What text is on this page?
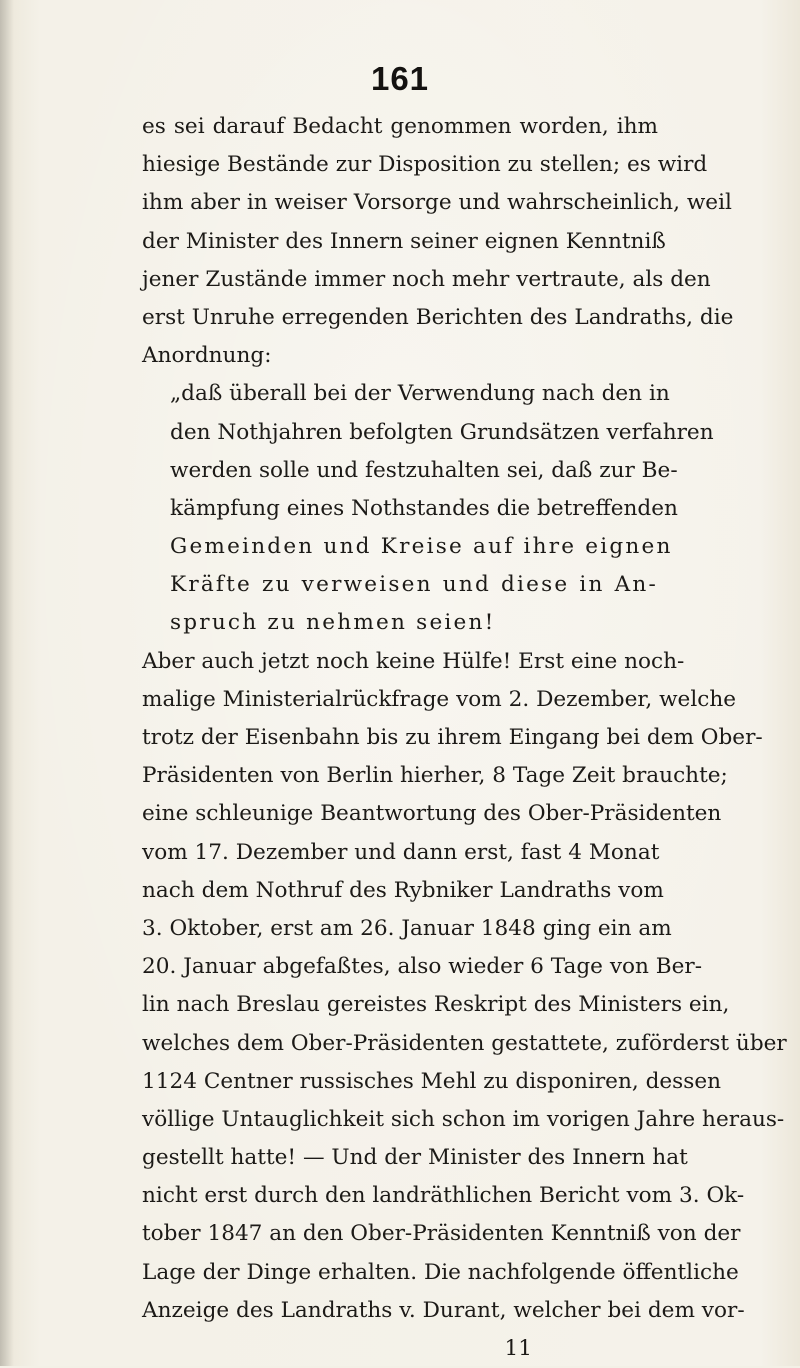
161
es sei darauf Bedacht genommen worden, ihm
hiesige Bestände zur Disposition zu stellen; es wird
ihm aber in weiser Vorsorge und wahrscheinlich, weil
der Minister des Innern seiner eignen Kenntniß
jener Zustände immer noch mehr vertraute, als den
erst Unruhe erregenden Berichten des Landraths, die
Anordnung:
„daß überall bei der Verwendung nach den in
den Nothjahren befolgten Grundsätzen verfahren
werden solle und festzuhalten sei, daß zur Be-
kämpfung eines Nothstandes die betreffenden
Gemeinden und Kreise auf ihre eignen
Kräfte zu verweisen und diese in An-
spruch zu nehmen seien!
Aber auch jetzt noch keine Hülfe! Erst eine noch-
malige Ministerialrückfrage vom 2. Dezember, welche
trotz der Eisenbahn bis zu ihrem Eingang bei dem Ober-
Präsidenten von Berlin hierher, 8 Tage Zeit brauchte;
eine schleunige Beantwortung des Ober-Präsidenten
vom 17. Dezember und dann erst, fast 4 Monat
nach dem Nothruf des Rybniker Landraths vom
3. Oktober, erst am 26. Januar 1848 ging ein am
20. Januar abgefaßtes, also wieder 6 Tage von Ber-
lin nach Breslau gereistes Reskript des Ministers ein,
welches dem Ober-Präsidenten gestattete, zuförderst über
1124 Centner russisches Mehl zu disponiren, dessen
völlige Untauglichkeit sich schon im vorigen Jahre heraus-
gestellt hatte! — Und der Minister des Innern hat
nicht erst durch den landräthlichen Bericht vom 3. Ok-
tober 1847 an den Ober-Präsidenten Kenntniß von der
Lage der Dinge erhalten. Die nachfolgende öffentliche
Anzeige des Landraths v. Durant, welcher bei dem vor-
11
